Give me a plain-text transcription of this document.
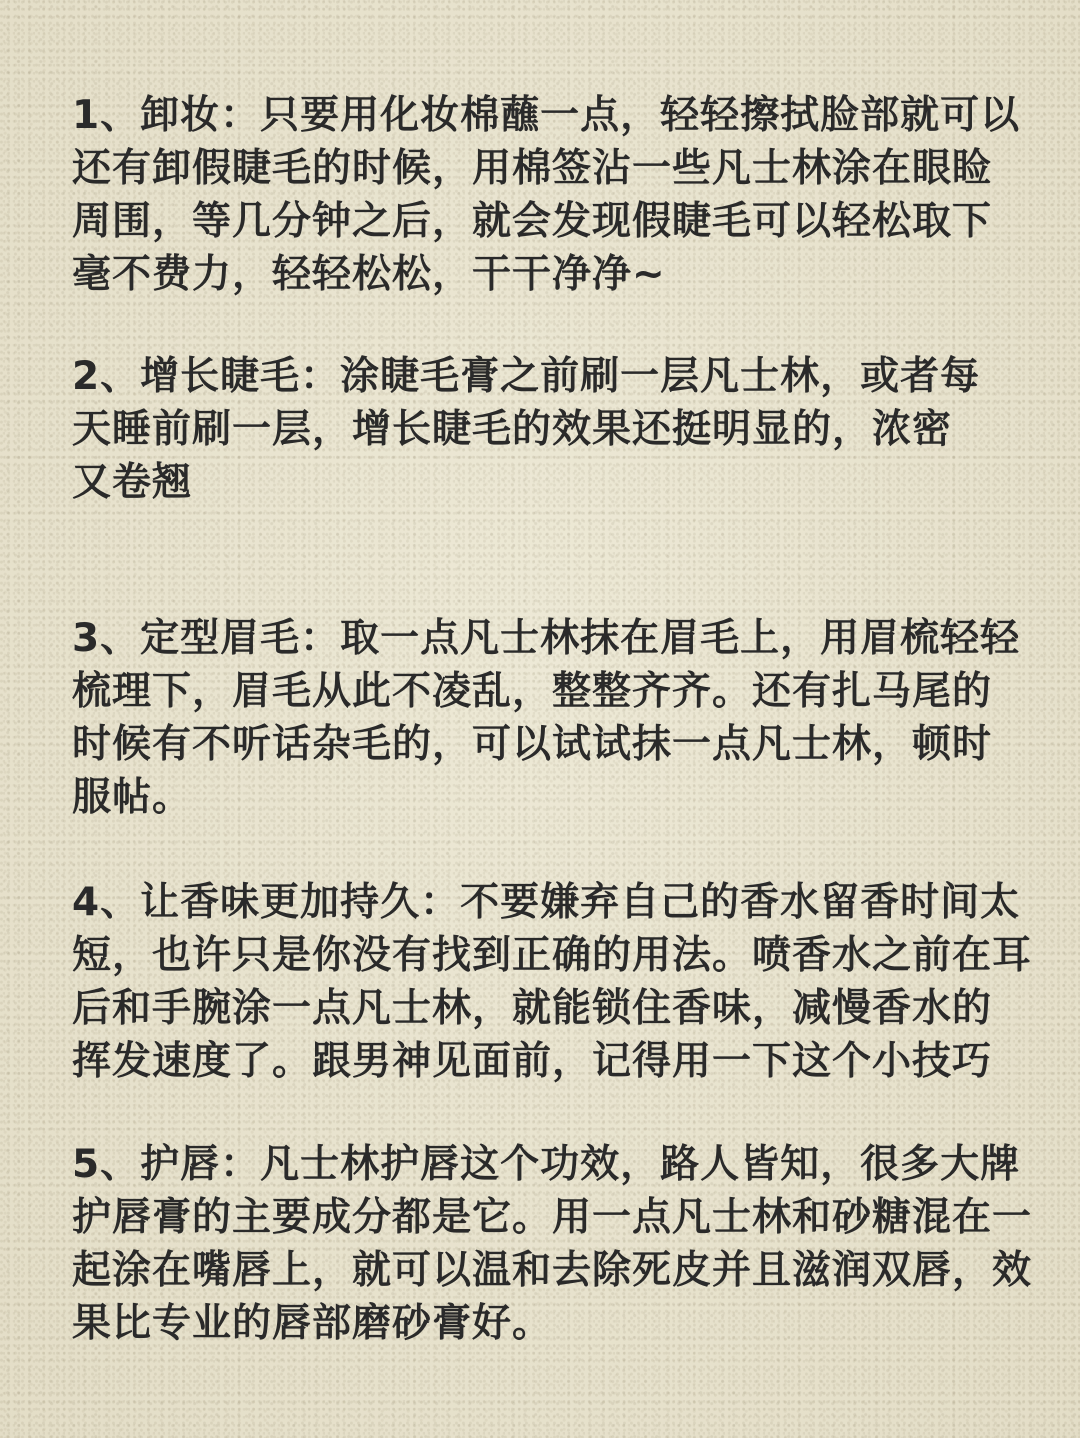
1、卸妆：只要用化妆棉蘸一点，轻轻擦拭脸部就可以
还有卸假睫毛的时候，用棉签沾一些凡士林涂在眼睑
周围，等几分钟之后，就会发现假睫毛可以轻松取下
毫不费力，轻轻松松，干干净净~

2、增长睫毛：涂睫毛膏之前刷一层凡士林，或者每
天睡前刷一层，增长睫毛的效果还挺明显的，浓密
又卷翘

3、定型眉毛：取一点凡士林抹在眉毛上，用眉梳轻轻
梳理下，眉毛从此不凌乱，整整齐齐。还有扎马尾的
时候有不听话杂毛的，可以试试抹一点凡士林，顿时
服帖。

4、让香味更加持久：不要嫌弃自己的香水留香时间太
短，也许只是你没有找到正确的用法。喷香水之前在耳
后和手腕涂一点凡士林，就能锁住香味，减慢香水的
挥发速度了。跟男神见面前，记得用一下这个小技巧

5、护唇：凡士林护唇这个功效，路人皆知，很多大牌
护唇膏的主要成分都是它。用一点凡士林和砂糖混在一
起涂在嘴唇上，就可以温和去除死皮并且滋润双唇，效
果比专业的唇部磨砂膏好。
